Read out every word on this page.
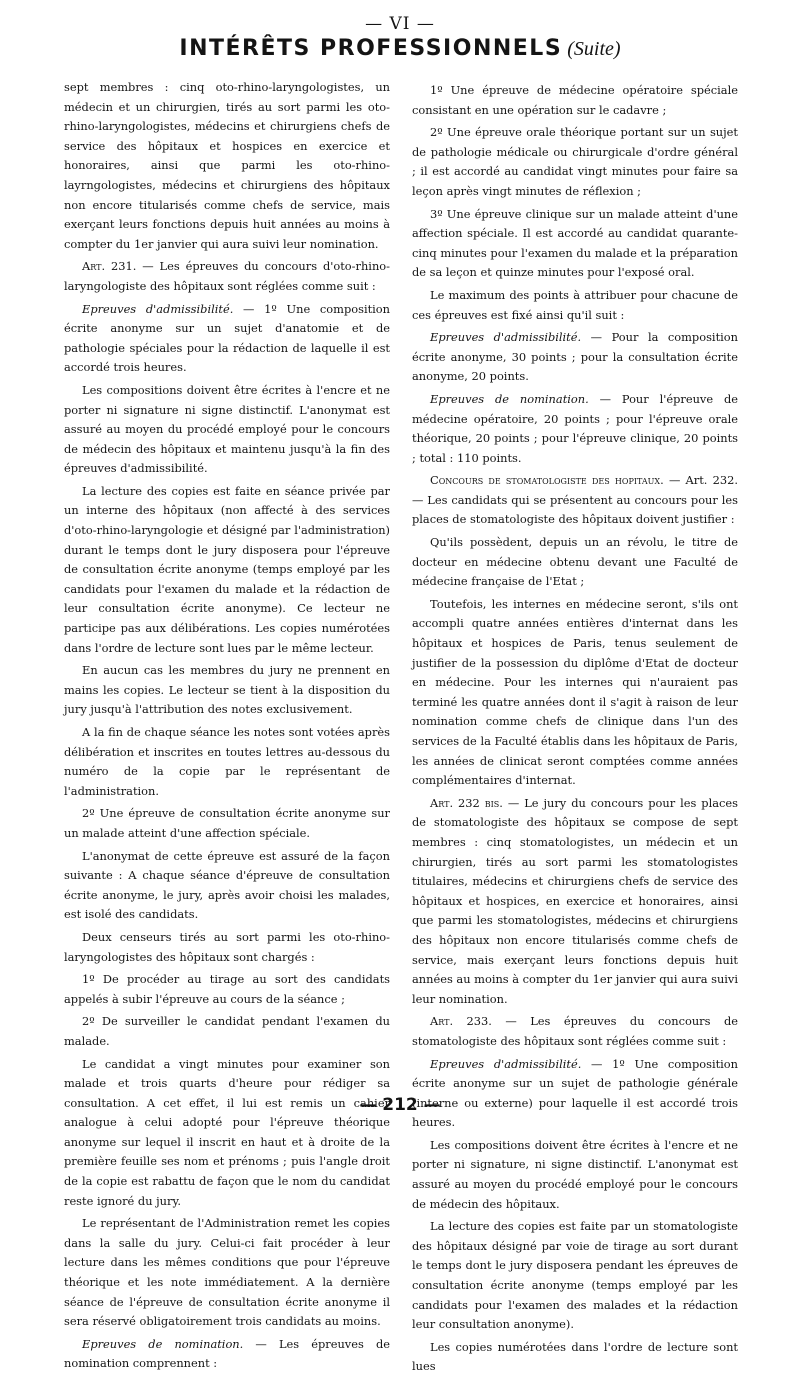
— VI —
INTÉRÊTS PROFESSIONNELS (Suite)

sept membres : cinq oto-rhino-laryngologistes, un médecin et un chirurgien, tirés au sort parmi les oto-rhino-laryngologistes, médecins et chirurgiens chefs de service des hôpitaux et hospices en exercice et honoraires, ainsi que parmi les oto-rhino-layrngologistes, médecins et chirurgiens des hôpitaux non encore titularisés comme chefs de service, mais exerçant leurs fonctions depuis huit années au moins à compter du 1er janvier qui aura suivi leur nomination.

Art. 231. — Les épreuves du concours d'oto-rhino-laryngologiste des hôpitaux sont réglées comme suit :

Epreuves d'admissibilité. — 1º Une composition écrite anonyme sur un sujet d'anatomie et de pathologie spéciales pour la rédaction de laquelle il est accordé trois heures.

Les compositions doivent être écrites à l'encre et ne porter ni signature ni signe distinctif. L'anonymat est assuré au moyen du procédé employé pour le concours de médecin des hôpitaux et maintenu jusqu'à la fin des épreuves d'admissibilité.

La lecture des copies est faite en séance privée par un interne des hôpitaux (non affecté à des services d'oto-rhino-laryngologie et désigné par l'administration) durant le temps dont le jury disposera pour l'épreuve de consultation écrite anonyme (temps employé par les candidats pour l'examen du malade et la rédaction de leur consultation écrite anonyme). Ce lecteur ne participe pas aux délibérations. Les copies numérotées dans l'ordre de lecture sont lues par le même lecteur.

En aucun cas les membres du jury ne prennent en mains les copies. Le lecteur se tient à la disposition du jury jusqu'à l'attribution des notes exclusivement.

A la fin de chaque séance les notes sont votées après délibération et inscrites en toutes lettres au-dessous du numéro de la copie par le représentant de l'administration.

2º Une épreuve de consultation écrite anonyme sur un malade atteint d'une affection spéciale.

L'anonymat de cette épreuve est assuré de la façon suivante : A chaque séance d'épreuve de consultation écrite anonyme, le jury, après avoir choisi les malades, est isolé des candidats.

Deux censeurs tirés au sort parmi les oto-rhino-laryngologistes des hôpitaux sont chargés :

1º De procéder au tirage au sort des candidats appelés à subir l'épreuve au cours de la séance ;

2º De surveiller le candidat pendant l'examen du malade.

Le candidat a vingt minutes pour examiner son malade et trois quarts d'heure pour rédiger sa consultation. A cet effet, il lui est remis un cahier analogue à celui adopté pour l'épreuve théorique anonyme sur lequel il inscrit en haut et à droite de la première feuille ses nom et prénoms ; puis l'angle droit de la copie est rabattu de façon que le nom du candidat reste ignoré du jury.

Le représentant de l'Administration remet les copies dans la salle du jury. Celui-ci fait procéder à leur lecture dans les mêmes conditions que pour l'épreuve théorique et les note immédiatement. A la dernière séance de l'épreuve de consultation écrite anonyme il sera réservé obligatoirement trois candidats au moins.

Epreuves de nomination. — Les épreuves de nomination comprennent :

1º Une épreuve de médecine opératoire spéciale consistant en une opération sur le cadavre ;

2º Une épreuve orale théorique portant sur un sujet de pathologie médicale ou chirurgicale d'ordre général ; il est accordé au candidat vingt minutes pour faire sa leçon après vingt minutes de réflexion ;

3º Une épreuve clinique sur un malade atteint d'une affection spéciale. Il est accordé au candidat quarante-cinq minutes pour l'examen du malade et la préparation de sa leçon et quinze minutes pour l'exposé oral.

Le maximum des points à attribuer pour chacune de ces épreuves est fixé ainsi qu'il suit :

Epreuves d'admissibilité. — Pour la composition écrite anonyme, 30 points ; pour la consultation écrite anonyme, 20 points.

Epreuves de nomination. — Pour l'épreuve de médecine opératoire, 20 points ; pour l'épreuve orale théorique, 20 points ; pour l'épreuve clinique, 20 points ; total : 110 points.

Concours de stomatologiste des hopitaux. — Art. 232. — Les candidats qui se présentent au concours pour les places de stomatologiste des hôpitaux doivent justifier :

Qu'ils possèdent, depuis un an révolu, le titre de docteur en médecine obtenu devant une Faculté de médecine française de l'Etat ;

Toutefois, les internes en médecine seront, s'ils ont accompli quatre années entières d'internat dans les hôpitaux et hospices de Paris, tenus seulement de justifier de la possession du diplôme d'Etat de docteur en médecine. Pour les internes qui n'auraient pas terminé les quatre années dont il s'agit à raison de leur nomination comme chefs de clinique dans l'un des services de la Faculté établis dans les hôpitaux de Paris, les années de clinicat seront comptées comme années complémentaires d'internat.

Art. 232 bis. — Le jury du concours pour les places de stomatologiste des hôpitaux se compose de sept membres : cinq stomatologistes, un médecin et un chirurgien, tirés au sort parmi les stomatologistes titulaires, médecins et chirurgiens chefs de service des hôpitaux et hospices, en exercice et honoraires, ainsi que parmi les stomatologistes, médecins et chirurgiens des hôpitaux non encore titularisés comme chefs de service, mais exerçant leurs fonctions depuis huit années au moins à compter du 1er janvier qui aura suivi leur nomination.

Art. 233. — Les épreuves du concours de stomatologiste des hôpitaux sont réglées comme suit :

Epreuves d'admissibilité. — 1º Une composition écrite anonyme sur un sujet de pathologie générale (interne ou externe) pour laquelle il est accordé trois heures.

Les compositions doivent être écrites à l'encre et ne porter ni signature, ni signe distinctif. L'anonymat est assuré au moyen du procédé employé pour le concours de médecin des hôpitaux.

La lecture des copies est faite par un stomatologiste des hôpitaux désigné par voie de tirage au sort durant le temps dont le jury disposera pendant les épreuves de consultation écrite anonyme (temps employé par les candidats pour l'examen des malades et la rédaction leur consultation anonyme).

Les copies numérotées dans l'ordre de lecture sont lues

— 212 —
